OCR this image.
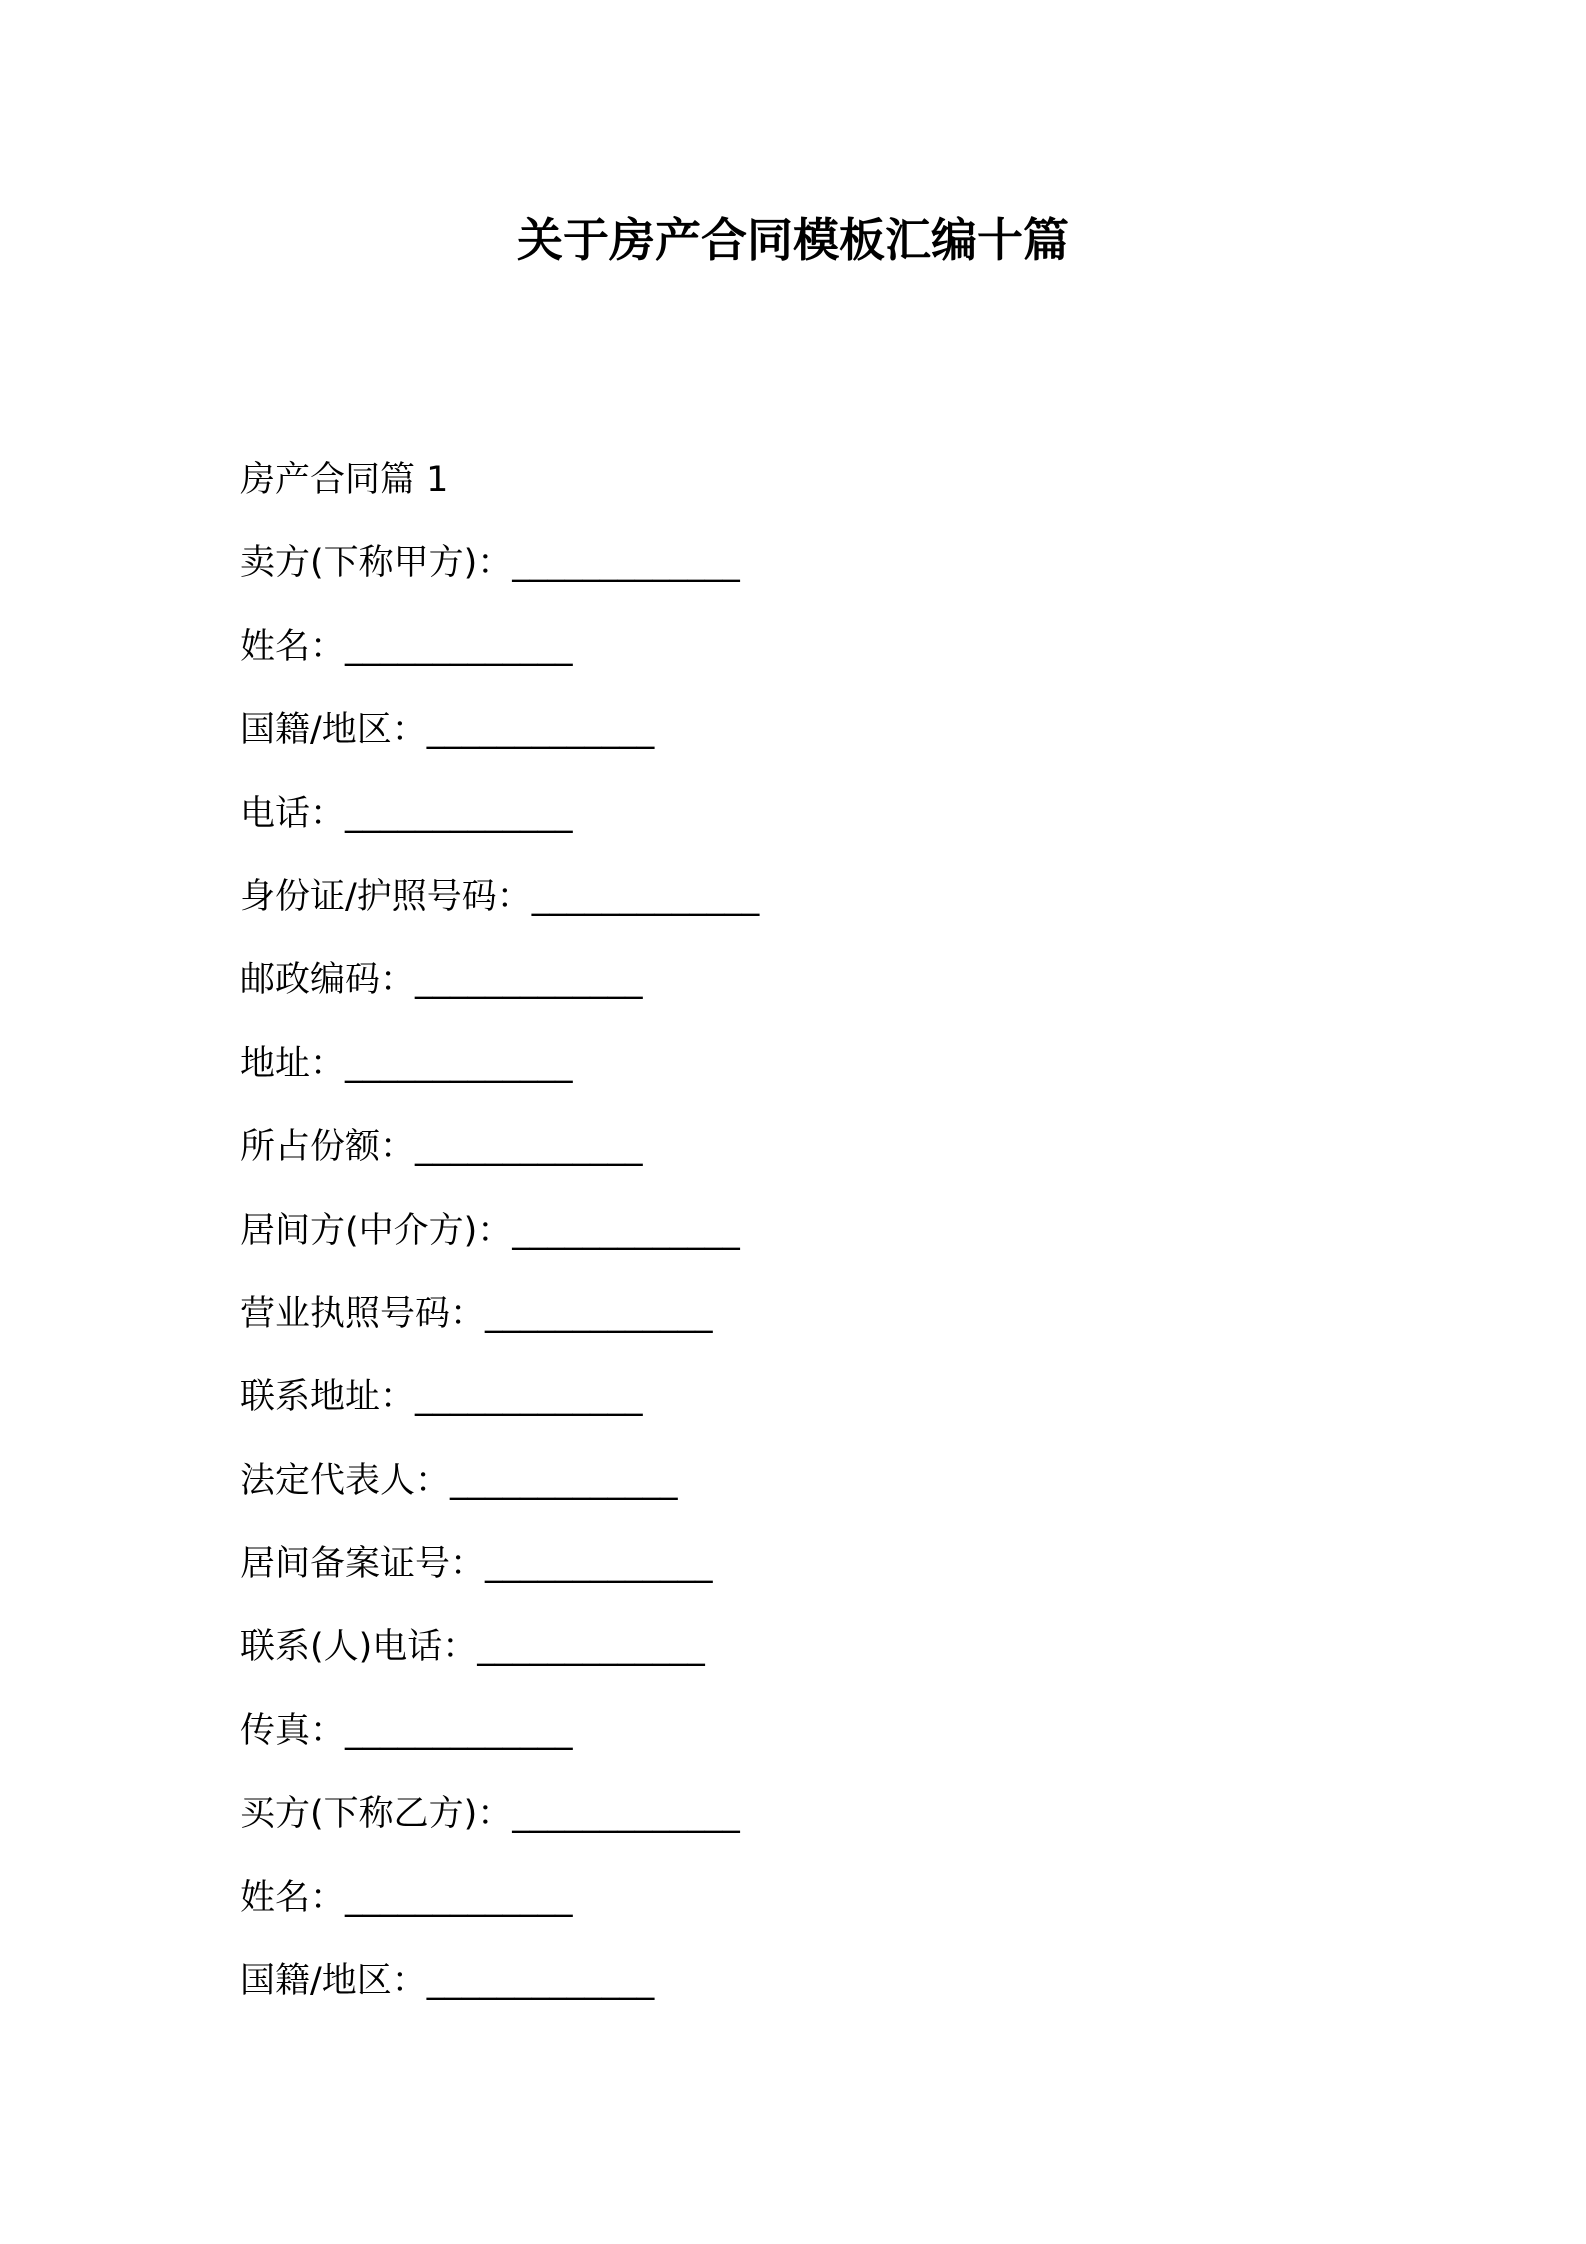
关于房产合同模板汇编十篇
房产合同篇 1
卖方(下称甲方)：_____________
姓名：_____________
国籍/地区：_____________
电话：_____________
身份证/护照号码：_____________
邮政编码：_____________
地址：_____________
所占份额：_____________
居间方(中介方)：_____________
营业执照号码：_____________
联系地址：_____________
法定代表人：_____________
居间备案证号：_____________
联系(人)电话：_____________
传真：_____________
买方(下称乙方)：_____________
姓名：_____________
国籍/地区：_____________
